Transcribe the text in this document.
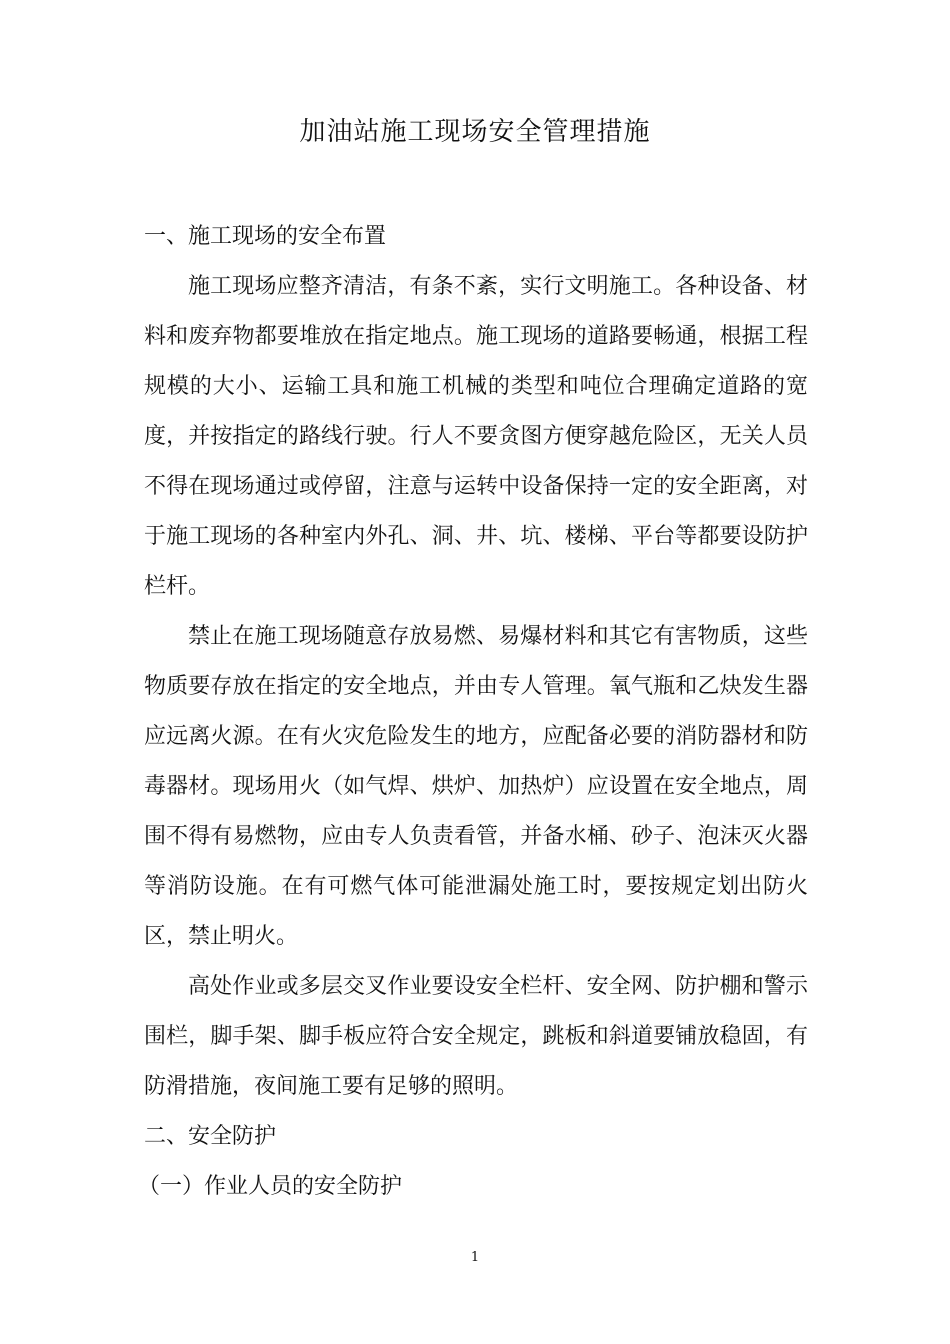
加油站施工现场安全管理措施

一、施工现场的安全布置

施工现场应整齐清洁，有条不紊，实行文明施工。各种设备、材料和废弃物都要堆放在指定地点。施工现场的道路要畅通，根据工程规模的大小、运输工具和施工机械的类型和吨位合理确定道路的宽度，并按指定的路线行驶。行人不要贪图方便穿越危险区，无关人员不得在现场通过或停留，注意与运转中设备保持一定的安全距离，对于施工现场的各种室内外孔、洞、井、坑、楼梯、平台等都要设防护栏杆。

禁止在施工现场随意存放易燃、易爆材料和其它有害物质，这些物质要存放在指定的安全地点，并由专人管理。氧气瓶和乙炔发生器应远离火源。在有火灾危险发生的地方，应配备必要的消防器材和防毒器材。现场用火（如气焊、烘炉、加热炉）应设置在安全地点，周围不得有易燃物，应由专人负责看管，并备水桶、砂子、泡沫灭火器等消防设施。在有可燃气体可能泄漏处施工时，要按规定划出防火区，禁止明火。

高处作业或多层交叉作业要设安全栏杆、安全网、防护棚和警示围栏，脚手架、脚手板应符合安全规定，跳板和斜道要铺放稳固，有防滑措施，夜间施工要有足够的照明。

二、安全防护

（一）作业人员的安全防护

1
